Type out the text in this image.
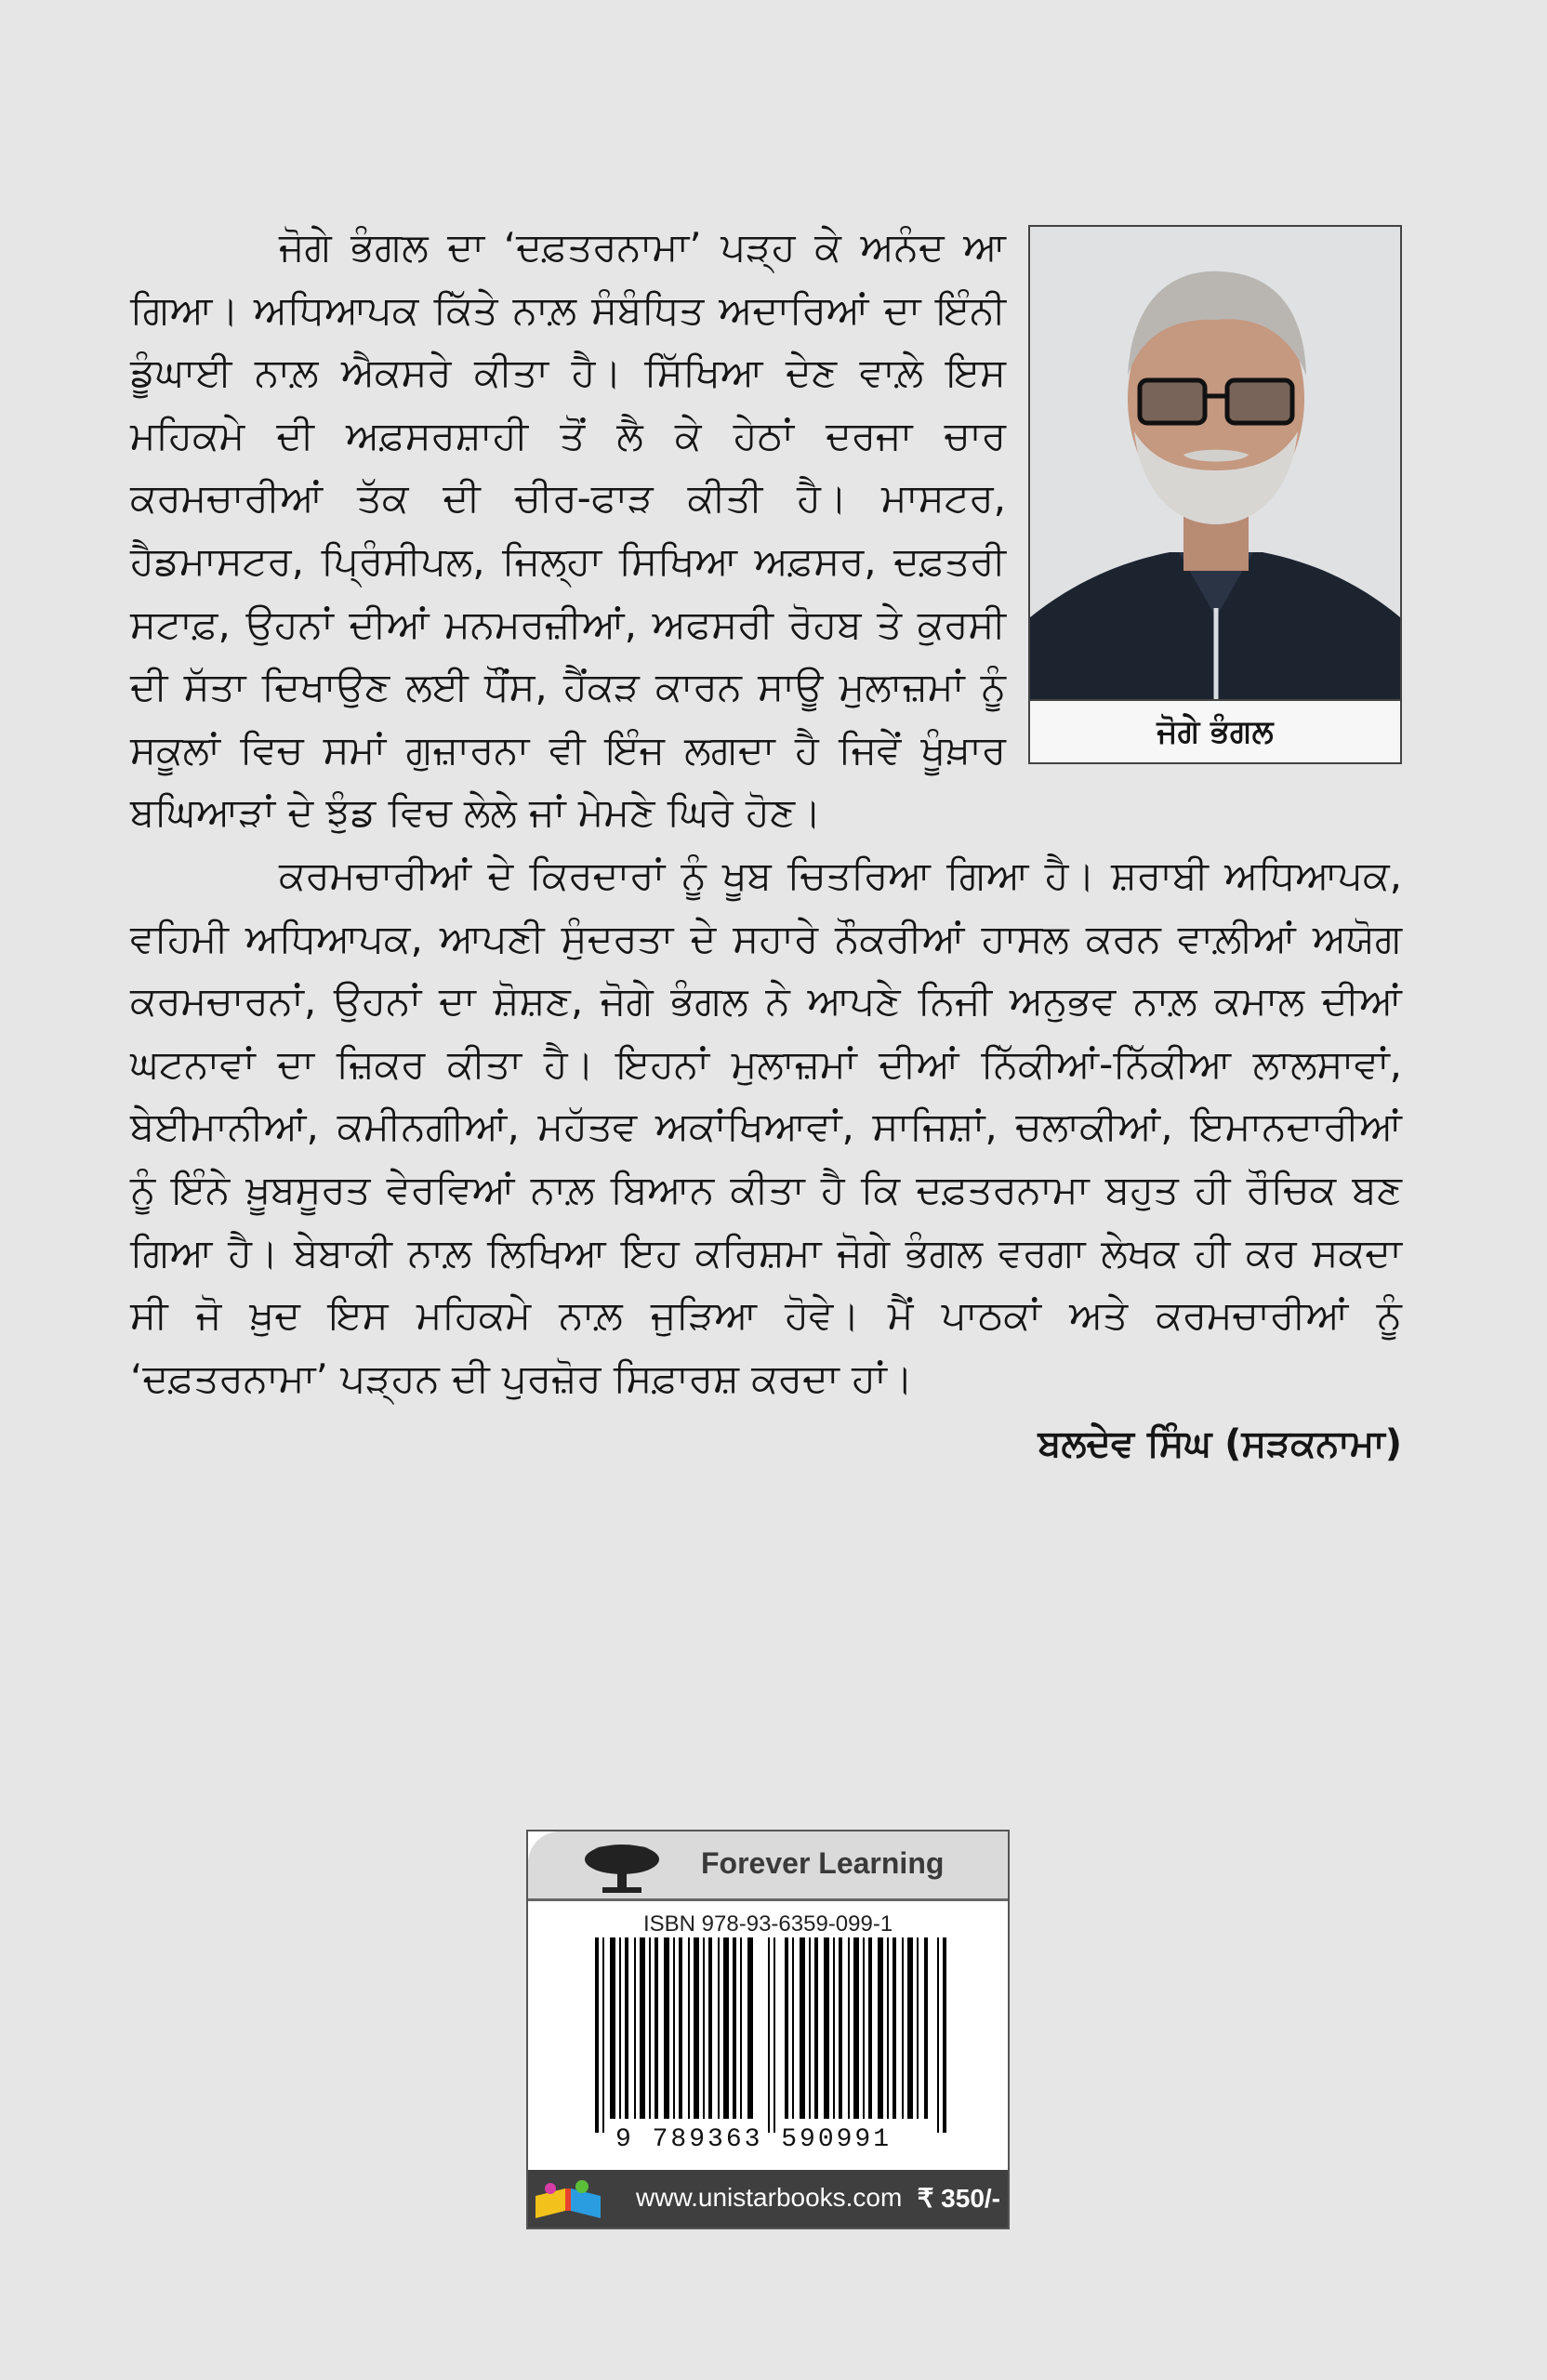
ਜੋਗੇ ਭੰਗਲ

ਜੋਗੇ ਭੰਗਲ ਦਾ ‘ਦਫ਼ਤਰਨਾਮਾ’ ਪੜ੍ਹ ਕੇ ਅਨੰਦ ਆ ਗਿਆ। ਅਧਿਆਪਕ ਕਿੱਤੇ ਨਾਲ਼ ਸੰਬੰਧਿਤ ਅਦਾਰਿਆਂ ਦਾ ਇੰਨੀ ਡੂੰਘਾਈ ਨਾਲ਼ ਐਕਸਰੇ ਕੀਤਾ ਹੈ। ਸਿੱਖਿਆ ਦੇਣ ਵਾਲ਼ੇ ਇਸ ਮਹਿਕਮੇ ਦੀ ਅਫ਼ਸਰਸ਼ਾਹੀ ਤੋਂ ਲੈ ਕੇ ਹੇਠਾਂ ਦਰਜਾ ਚਾਰ ਕਰਮਚਾਰੀਆਂ ਤੱਕ ਦੀ ਚੀਰ-ਫਾੜ ਕੀਤੀ ਹੈ। ਮਾਸਟਰ, ਹੈਡਮਾਸਟਰ, ਪ੍ਰਿੰਸੀਪਲ, ਜਿਲ੍ਹਾ ਸਿਖਿਆ ਅਫ਼ਸਰ, ਦਫ਼ਤਰੀ ਸਟਾਫ਼, ਉਹਨਾਂ ਦੀਆਂ ਮਨਮਰਜ਼ੀਆਂ, ਅਫਸਰੀ ਰੋਹਬ ਤੇ ਕੁਰਸੀ ਦੀ ਸੱਤਾ ਦਿਖਾਉਣ ਲਈ ਧੌਂਸ, ਹੈਂਕੜ ਕਾਰਨ ਸਾਊ ਮੁਲਾਜ਼ਮਾਂ ਨੂੰ ਸਕੂਲਾਂ ਵਿਚ ਸਮਾਂ ਗੁਜ਼ਾਰਨਾ ਵੀ ਇੰਜ ਲਗਦਾ ਹੈ ਜਿਵੇਂ ਖੂੰਖ਼ਾਰ ਬਘਿਆੜਾਂ ਦੇ ਝੁੰਡ ਵਿਚ ਲੇਲੇ ਜਾਂ ਮੇਮਣੇ ਘਿਰੇ ਹੋਣ।

ਕਰਮਚਾਰੀਆਂ ਦੇ ਕਿਰਦਾਰਾਂ ਨੂੰ ਖੂਬ ਚਿਤਰਿਆ ਗਿਆ ਹੈ। ਸ਼ਰਾਬੀ ਅਧਿਆਪਕ, ਵਹਿਮੀ ਅਧਿਆਪਕ, ਆਪਣੀ ਸੁੰਦਰਤਾ ਦੇ ਸਹਾਰੇ ਨੌਕਰੀਆਂ ਹਾਸਲ ਕਰਨ ਵਾਲ਼ੀਆਂ ਅਯੋਗ ਕਰਮਚਾਰਨਾਂ, ਉਹਨਾਂ ਦਾ ਸ਼ੋਸ਼ਣ, ਜੋਗੇ ਭੰਗਲ ਨੇ ਆਪਣੇ ਨਿਜੀ ਅਨੁਭਵ ਨਾਲ਼ ਕਮਾਲ ਦੀਆਂ ਘਟਨਾਵਾਂ ਦਾ ਜ਼ਿਕਰ ਕੀਤਾ ਹੈ। ਇਹਨਾਂ ਮੁਲਾਜ਼ਮਾਂ ਦੀਆਂ ਨਿੱਕੀਆਂ-ਨਿੱਕੀਆ ਲਾਲਸਾਵਾਂ, ਬੇਈਮਾਨੀਆਂ, ਕਮੀਨਗੀਆਂ, ਮਹੱਤਵ ਅਕਾਂਖਿਆਵਾਂ, ਸਾਜਿਸ਼ਾਂ, ਚਲਾਕੀਆਂ, ਇਮਾਨਦਾਰੀਆਂ ਨੂੰ ਇੰਨੇ ਖ਼ੂਬਸੂਰਤ ਵੇਰਵਿਆਂ ਨਾਲ਼ ਬਿਆਨ ਕੀਤਾ ਹੈ ਕਿ ਦਫ਼ਤਰਨਾਮਾ ਬਹੁਤ ਹੀ ਰੌਚਿਕ ਬਣ ਗਿਆ ਹੈ। ਬੇਬਾਕੀ ਨਾਲ਼ ਲਿਖਿਆ ਇਹ ਕਰਿਸ਼ਮਾ ਜੋਗੇ ਭੰਗਲ ਵਰਗਾ ਲੇਖਕ ਹੀ ਕਰ ਸਕਦਾ ਸੀ ਜੋ ਖ਼ੁਦ ਇਸ ਮਹਿਕਮੇ ਨਾਲ਼ ਜੁੜਿਆ ਹੋਵੇ। ਮੈਂ ਪਾਠਕਾਂ ਅਤੇ ਕਰਮਚਾਰੀਆਂ ਨੂੰ ‘ਦਫ਼ਤਰਨਾਮਾ’ ਪੜ੍ਹਨ ਦੀ ਪੁਰਜ਼ੋਰ ਸਿਫ਼ਾਰਸ਼ ਕਰਦਾ ਹਾਂ।

ਬਲਦੇਵ ਸਿੰਘ (ਸੜਕਨਾਮਾ)
Forever Learning
ISBN 978-93-6359-099-1
9 789363 590991
www.unistarbooks.com ₹ 350/-
